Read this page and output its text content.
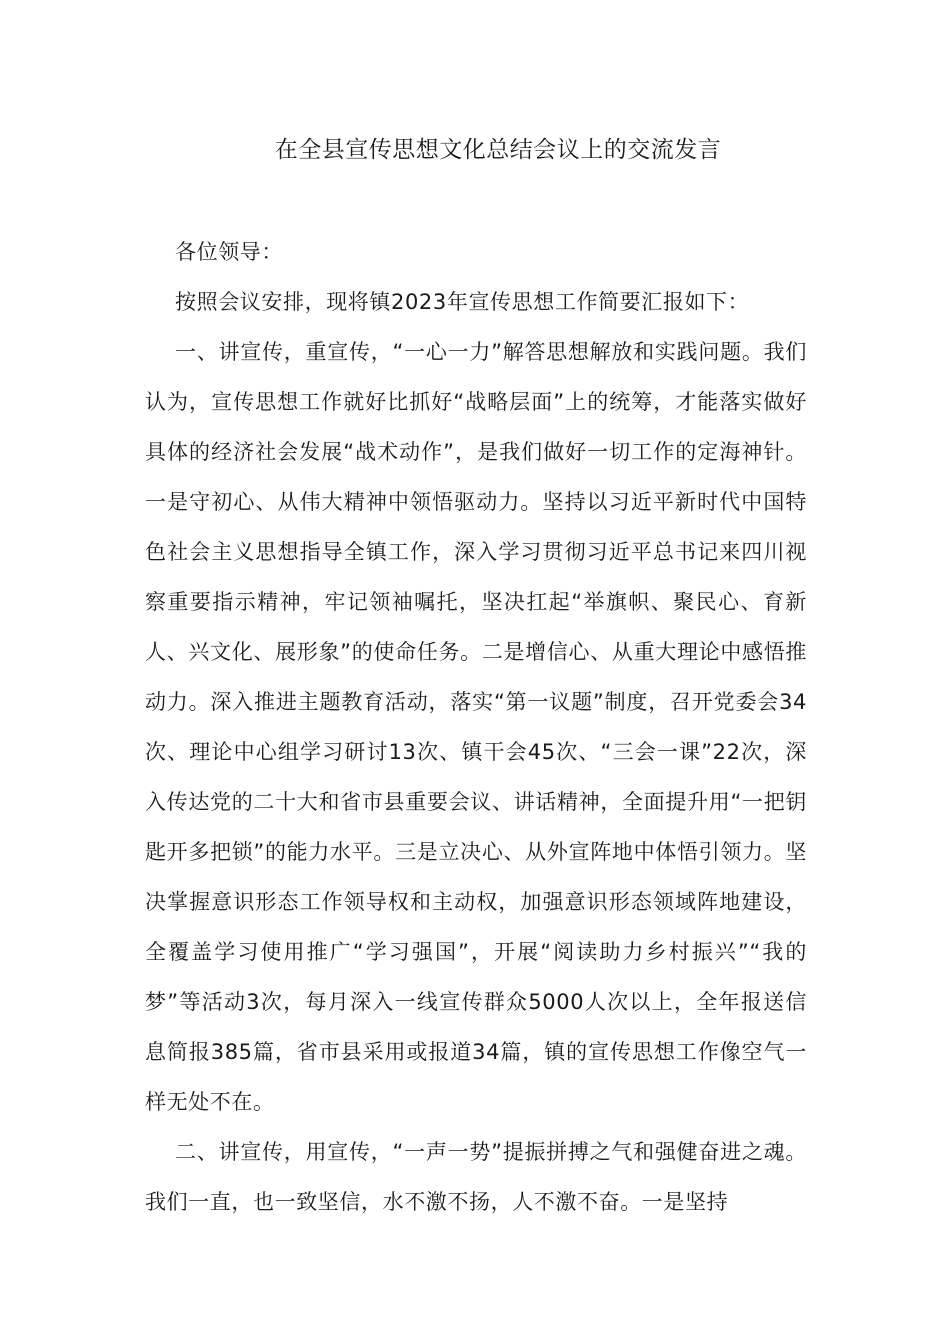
在全县宣传思想文化总结会议上的交流发言

各位领导：

按照会议安排，现将镇2023年宣传思想工作简要汇报如下：

一、讲宣传，重宣传，“一心一力”解答思想解放和实践问题。我们认为，宣传思想工作就好比抓好“战略层面”上的统筹，才能落实做好具体的经济社会发展“战术动作”，是我们做好一切工作的定海神针。一是守初心、从伟大精神中领悟驱动力。坚持以习近平新时代中国特色社会主义思想指导全镇工作，深入学习贯彻习近平总书记来四川视察重要指示精神，牢记领袖嘱托，坚决扛起“举旗帜、聚民心、育新人、兴文化、展形象”的使命任务。二是增信心、从重大理论中感悟推动力。深入推进主题教育活动，落实“第一议题”制度，召开党委会34次、理论中心组学习研讨13次、镇干会45次、“三会一课”22次，深入传达党的二十大和省市县重要会议、讲话精神，全面提升用“一把钥匙开多把锁”的能力水平。三是立决心、从外宣阵地中体悟引领力。坚决掌握意识形态工作领导权和主动权，加强意识形态领域阵地建设，全覆盖学习使用推广“学习强国”，开展“阅读助力乡村振兴”“我的梦”等活动3次，每月深入一线宣传群众5000人次以上，全年报送信息简报385篇，省市县采用或报道34篇，镇的宣传思想工作像空气一样无处不在。

二、讲宣传，用宣传，“一声一势”提振拼搏之气和强健奋进之魂。我们一直，也一致坚信，水不激不扬，人不激不奋。一是坚持
